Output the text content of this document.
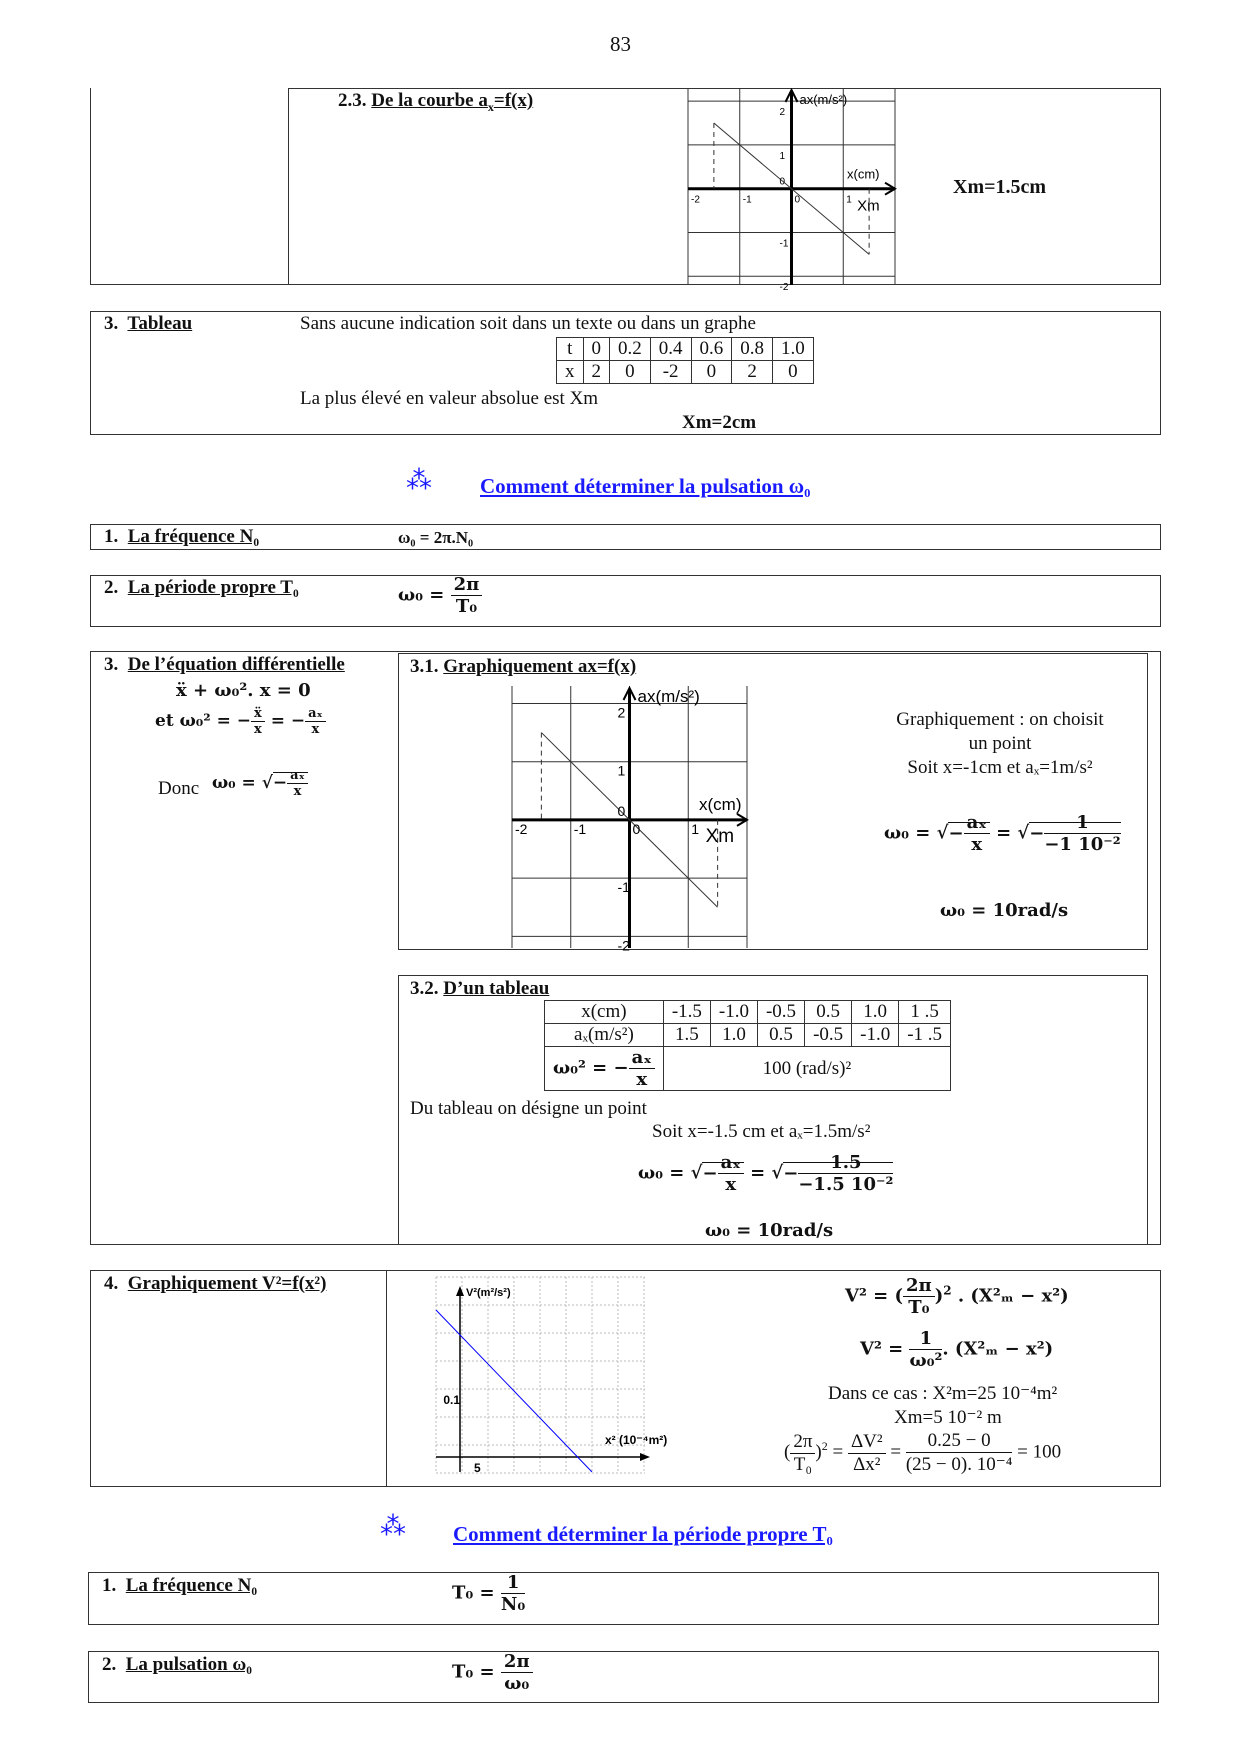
83
2.3. De la courbe $a_x=f(x)$
-2	-1	0	1
2
1
0
-1
-2
ax(m/s²)
x(cm)
Xm
Xm=1.5cm
3. Tableau	Sans aucune indication soit dans un texte ou dans un graphe
t	0	0.2	0.4	0.6	0.8	1.0
x	2	0	-2	0	2	0
La plus élevé en valeur absolue est Xm
Xm=2cm
⁂ Comment déterminer la pulsation ω₀
1. La fréquence N₀	ω₀ = 2π.N₀
2. La période propre T₀	$\omega_0 = \frac{2\pi}{\text{T₀}}$
3. De l’équation différentielle
ẍ + ω₀². x = 0
et ω₀² = − $\frac{\text{ẍ}}{x}$ = − $\frac{\text{aₓ}}{x}$
Donc ω₀ = √− $\frac{\text{aₓ}}{x}$
3.1. Graphiquement ax=f(x)
-2	-1	0	1
2
1
0
-1
-2
ax(m/s²)
x(cm)
Xm
Graphiquement : on choisit
un point
Soit x=-1cm et aₓ=1m/s²
ω₀ = √− $\frac{\text{aₓ}}{x}$ = √− $\frac{1}{\text{−1 10⁻²}}$
ω₀ = 10rad/s
3.2. D’un tableau
x(cm)	-1.5	-1.0	-0.5	0.5	1.0	1 .5
aₓ(m/s²)	1.5	1.0	0.5	-0.5	-1.0	-1 .5
ω₀² = − $\frac{\text{aₓ}}{x}$	100 (rad/s)²					
Du tableau on désigne un point
Soit x=-1.5 cm et aₓ=1.5m/s²
ω₀ = √− $\frac{\text{aₓ}}{x}$ = √− $\frac{1.5}{\text{−1.5 10⁻²}}$
ω₀ = 10rad/s
4. Graphiquement V²=f(x²)	V²(m²/s²)
x² (10⁻⁴m²)
0.1
5
V² = ( $\frac{2\pi}{\text{T₀}} )^2$ . (X²ₘ − x²)
$V^2 = \frac{1}{\text{ω₀²}}$ . (X²ₘ − x²)
Dans ce cas : X²m=25 10⁻⁴m²
Xm=5 10⁻² m
( $\frac{2\pi}{\text{T₀}} )^2 = \frac{\text{ΔV²}}{\text{Δx²}} = \frac{0.25 - 0}{\text{(25 − 0). 10⁻⁴}} = 100$
⁂ Comment déterminer la période propre T₀
1. La fréquence N₀	$T_0 = \frac{1}{\text{N₀}}$
2. La pulsation ω₀	$T_0 = \frac{2\pi}{\text{ω₀}}$
